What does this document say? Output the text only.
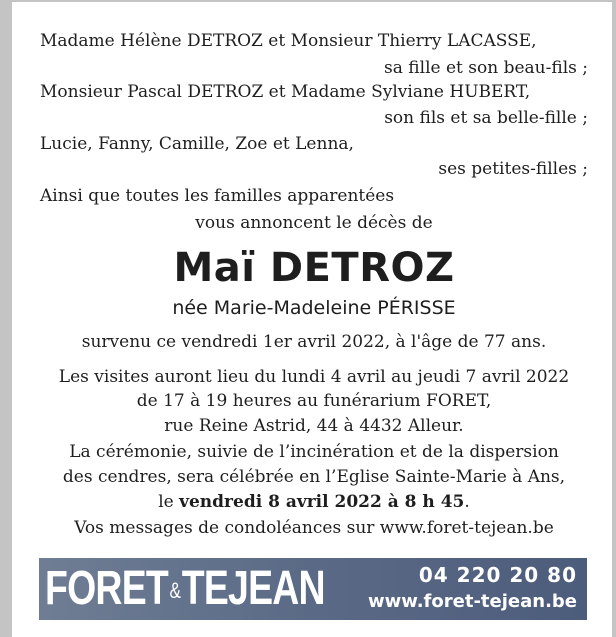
Madame Hélène DETROZ et Monsieur Thierry LACASSE,
sa fille et son beau-fils ;
Monsieur Pascal DETROZ et Madame Sylviane HUBERT,
son fils et sa belle-fille ;
Lucie, Fanny, Camille, Zoe et Lenna,
ses petites-filles ;
Ainsi que toutes les familles apparentées
vous annoncent le décès de
Maï DETROZ
née Marie-Madeleine PÉRISSE
survenu ce vendredi 1er avril 2022, à l'âge de 77 ans.
Les visites auront lieu du lundi 4 avril au jeudi 7 avril 2022
de 17 à 19 heures au funérarium FORET,
rue Reine Astrid, 44 à 4432 Alleur.
La cérémonie, suivie de l’incinération et de la dispersion
des cendres, sera célébrée en l’Eglise Sainte-Marie à Ans,
le vendredi 8 avril 2022 à 8 h 45.
Vos messages de condoléances sur www.foret-tejean.be
FORET&TEJEAN	04 220 20 80
www.foret-tejean.be
